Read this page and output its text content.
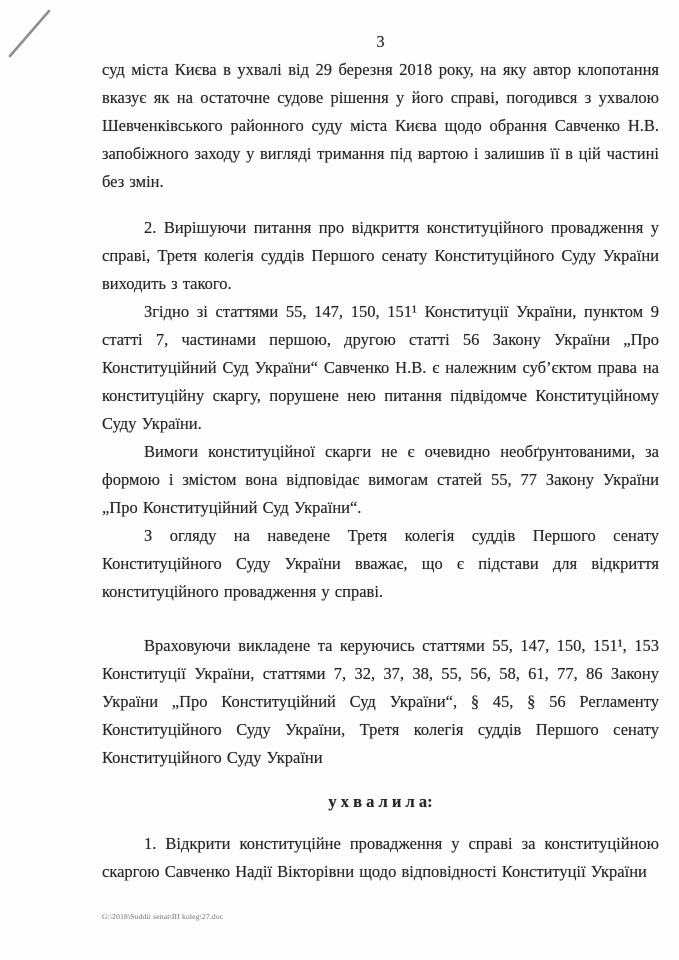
3

суд міста Києва в ухвалі від 29 березня 2018 року, на яку автор клопотання вказує як на остаточне судове рішення у його справі, погодився з ухвалою Шевченківського районного суду міста Києва щодо обрання Савченко Н.В. запобіжного заходу у вигляді тримання під вартою і залишив її в цій частині без змін.

2. Вирішуючи питання про відкриття конституційного провадження у справі, Третя колегія суддів Першого сенату Конституційного Суду України виходить з такого.

Згідно зі статтями 55, 147, 150, 151¹ Конституції України, пунктом 9 статті 7, частинами першою, другою статті 56 Закону України „Про Конституційний Суд України“ Савченко Н.В. є належним суб’єктом права на конституційну скаргу, порушене нею питання підвідомче Конституційному Суду України.

Вимоги конституційної скарги не є очевидно необґрунтованими, за формою і змістом вона відповідає вимогам статей 55, 77 Закону України „Про Конституційний Суд України“.

З огляду на наведене Третя колегія суддів Першого сенату Конституційного Суду України вважає, що є підстави для відкриття конституційного провадження у справі.

Враховуючи викладене та керуючись статтями 55, 147, 150, 151¹, 153 Конституції України, статтями 7, 32, 37, 38, 55, 56, 58, 61, 77, 86 Закону України „Про Конституційний Суд України“, § 45, § 56 Регламенту Конституційного Суду України, Третя колегія суддів Першого сенату Конституційного Суду України

у х в а л и л а:

1. Відкрити конституційне провадження у справі за конституційною скаргою Савченко Надії Вікторівни щодо відповідності Конституції України

G:\2018\Suddii senat\III koleg\27.doc
